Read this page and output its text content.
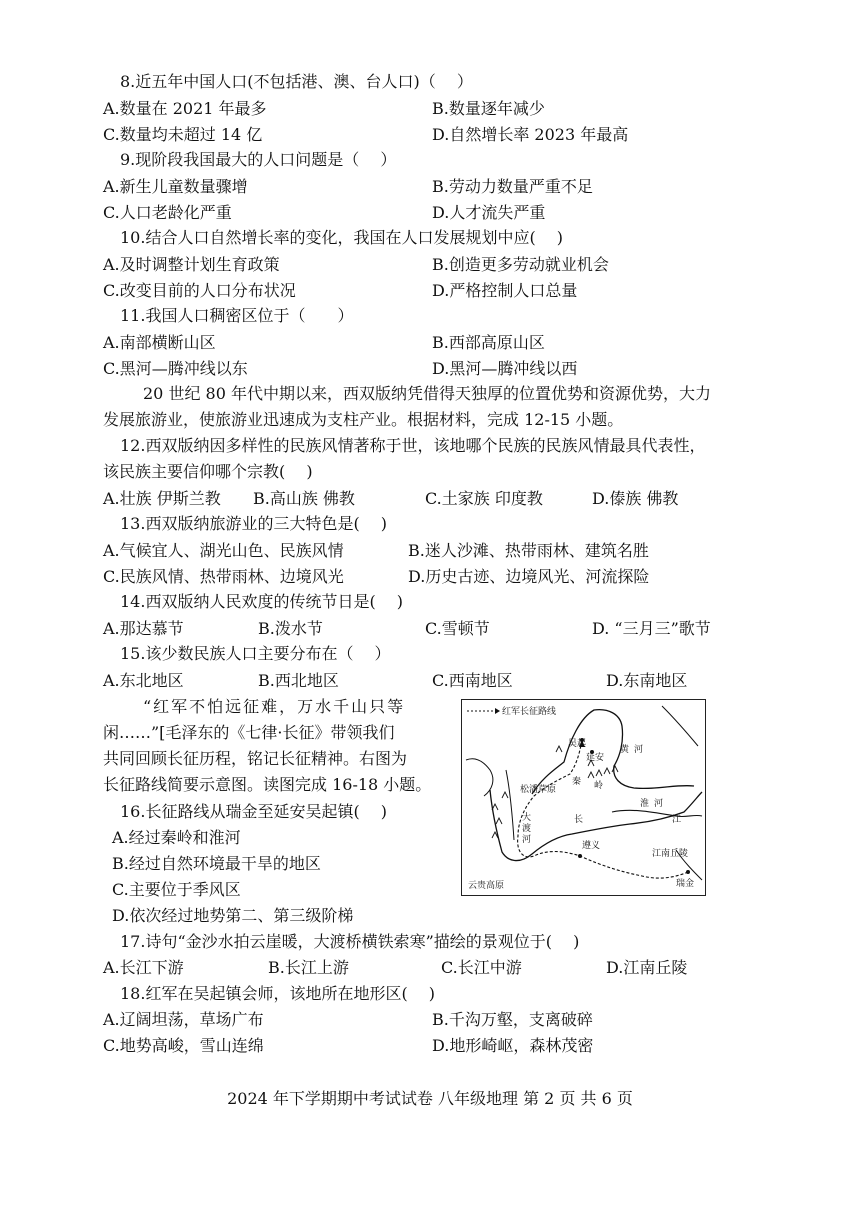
8.近五年中国人口(不包括港、澳、台人口)（　 ）
A.数量在 2021 年最多	B.数量逐年减少
C.数量均未超过 14 亿	D.自然增长率 2023 年最高
9.现阶段我国最大的人口问题是（　 ）
A.新生儿童数量骤增	B.劳动力数量严重不足
C.人口老龄化严重	D.人才流失严重
10.结合人口自然增长率的变化，我国在人口发展规划中应(　 )
A.及时调整计划生育政策	B.创造更多劳动就业机会
C.改变目前的人口分布状况	D.严格控制人口总量
11.我国人口稠密区位于（　　）
A.南部横断山区	B.西部高原山区
C.黑河—腾冲线以东	D.黑河—腾冲线以西
20 世纪 80 年代中期以来，西双版纳凭借得天独厚的位置优势和资源优势，大力
发展旅游业，使旅游业迅速成为支柱产业。根据材料，完成 12-15 小题。
12.西双版纳因多样性的民族风情著称于世，该地哪个民族的民族风情最具代表性，
该民族主要信仰哪个宗教(　 )
A.壮族 伊斯兰教 B.高山族 佛教	C.土家族 印度教	D.傣族 佛教
13.西双版纳旅游业的三大特色是(　 )
A.气候宜人、湖光山色、民族风情	B.迷人沙滩、热带雨林、建筑名胜
C.民族风情、热带雨林、边境风光	D.历史古迹、边境风光、河流探险
14.西双版纳人民欢度的传统节日是(　 )
A.那达慕节	B.泼水节	C.雪顿节	D. “三月三”歌节
15.该少数民族人口主要分布在（　 ）
A.东北地区	B.西北地区	C.西南地区	D.东南地区
“红军不怕远征难，万水千山只等
闲……”[毛泽东的《七律·长征》带领我们
共同回顾长征历程，铭记长征精神。右图为
长征路线简要示意图。读图完成 16-18 小题。
红军长征路线
吴起
延安
黄 河
秦 岭
淮 河
松潘草原
大
渡
河
长	江
遵义
江南丘陵
瑞金
云贵高原
16.长征路线从瑞金至延安吴起镇(　 )
A.经过秦岭和淮河
B.经过自然环境最干旱的地区
C.主要位于季风区
D.依次经过地势第二、第三级阶梯
17.诗句“金沙水拍云崖暖，大渡桥横铁索寒”描绘的景观位于(　 )
A.长江下游	B.长江上游	C.长江中游	D.江南丘陵
18.红军在吴起镇会师，该地所在地形区(　 )
A.辽阔坦荡，草场广布	B.千沟万壑，支离破碎
C.地势高峻，雪山连绵	D.地形崎岖，森林茂密
2024 年下学期期中考试试卷 八年级地理 第 2 页 共 6 页
